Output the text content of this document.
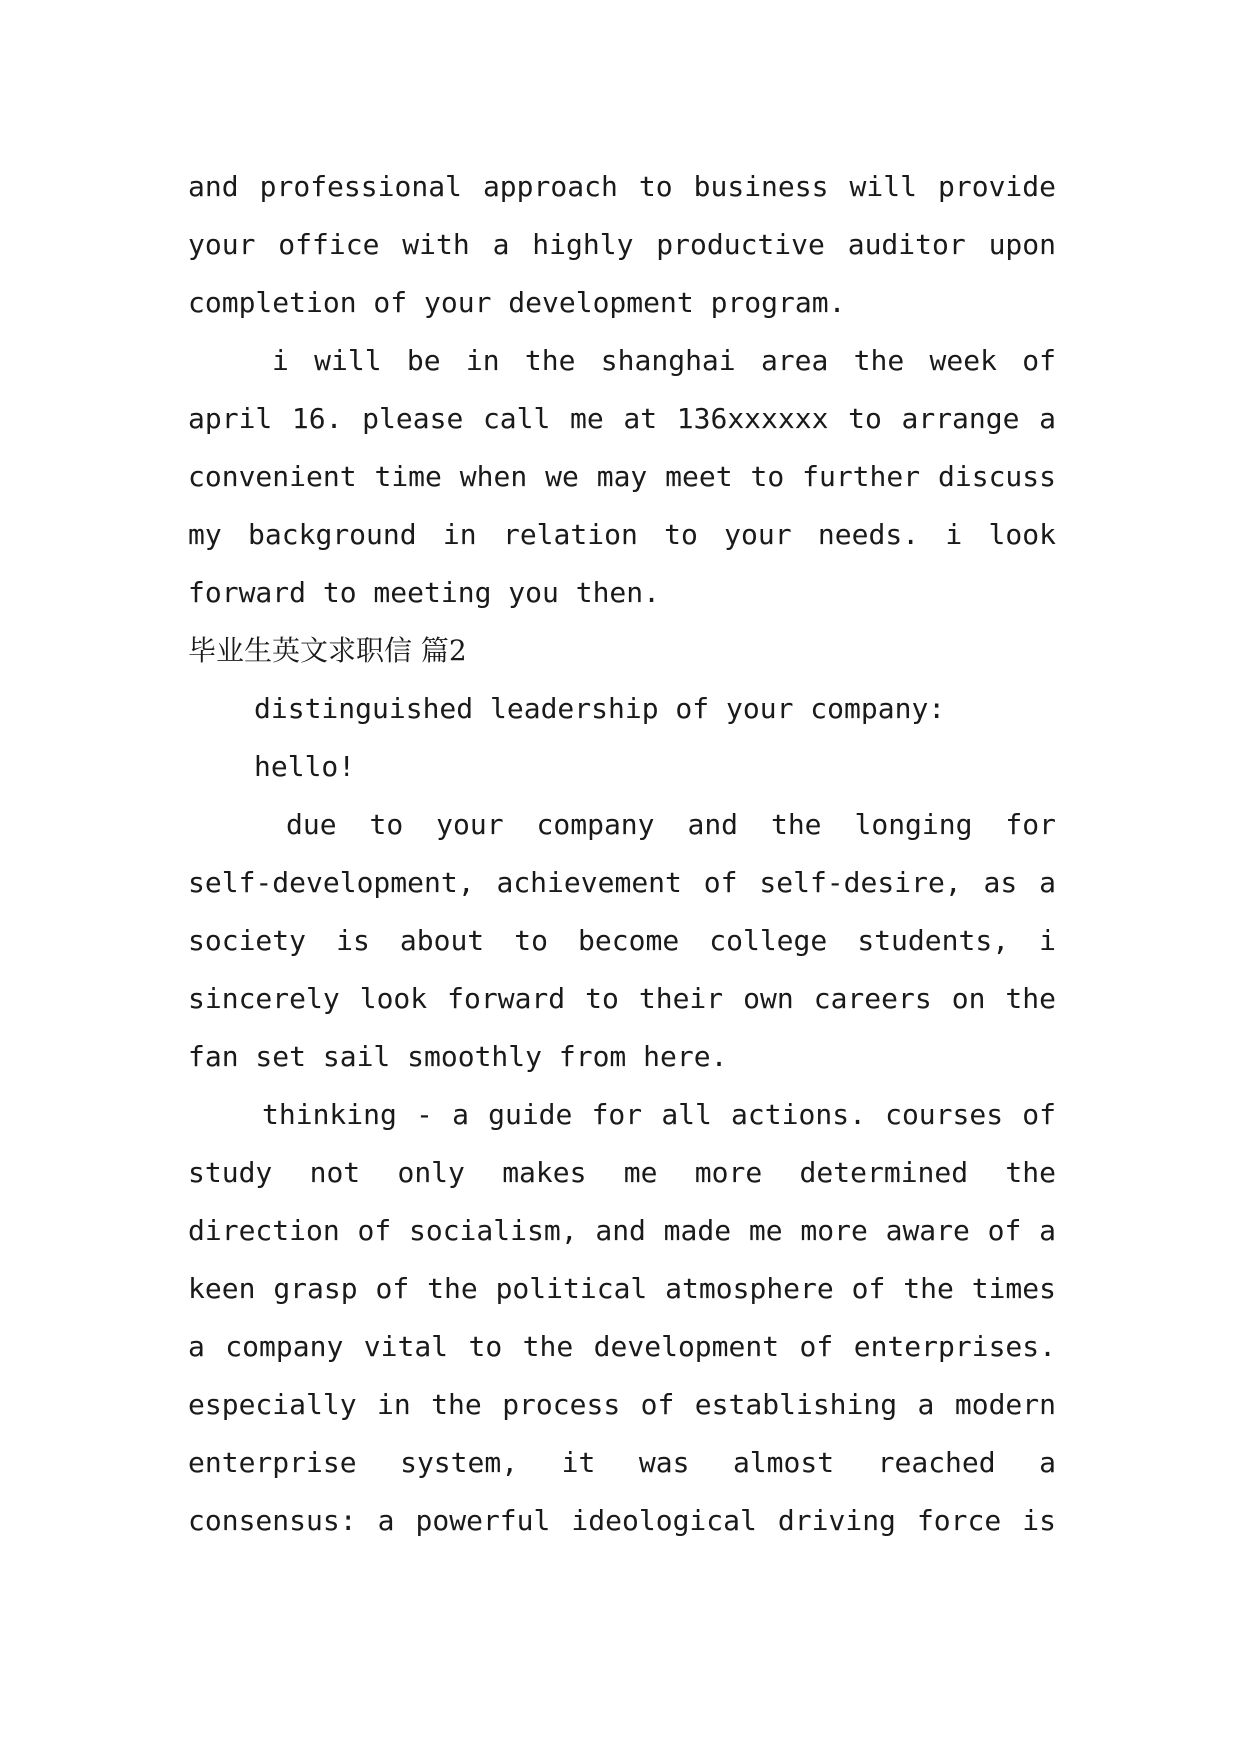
and professional approach to business will provide
your office with a highly productive auditor upon
completion of your development program.
i will be in the shanghai area the week of
april 16. please call me at 136xxxxxx to arrange a
convenient time when we may meet to further discuss
my background in relation to your needs. i look
forward to meeting you then.
毕业生英文求职信 篇2
distinguished leadership of your company:
hello!
due to your company and the longing for
self-development, achievement of self-desire, as a
society is about to become college students, i
sincerely look forward to their own careers on the
fan set sail smoothly from here.
thinking - a guide for all actions. courses of
study not only makes me more determined the
direction of socialism, and made me more aware of a
keen grasp of the political atmosphere of the times
a company vital to the development of enterprises.
especially in the process of establishing a modern
enterprise system, it was almost reached a
consensus: a powerful ideological driving force is
